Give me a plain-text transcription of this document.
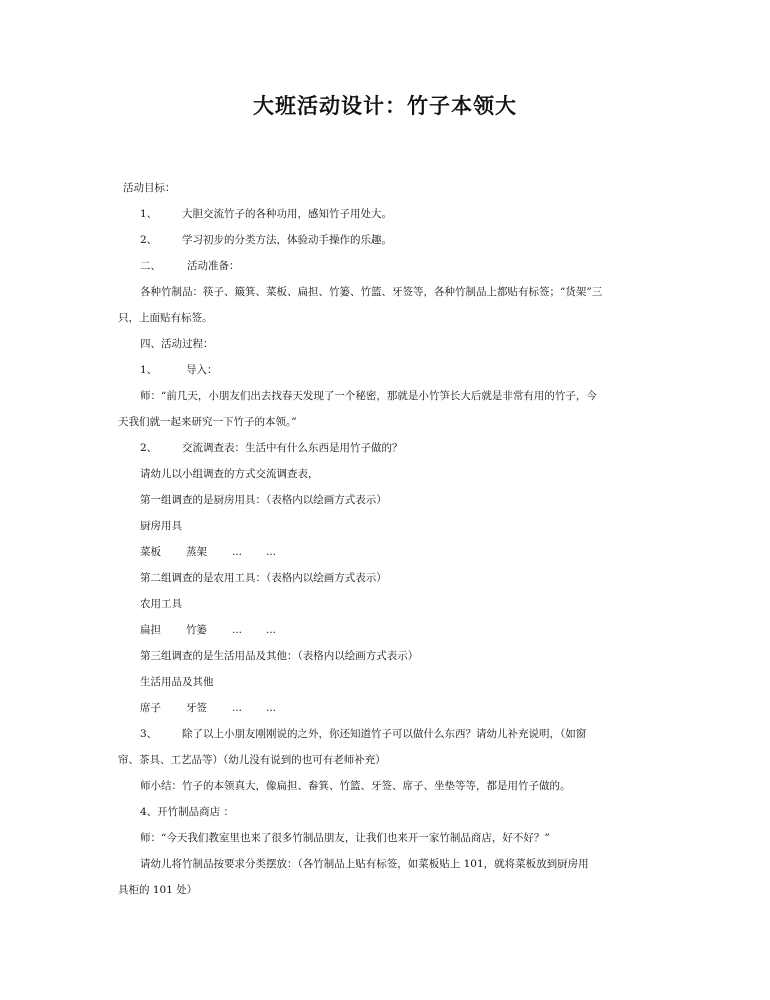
大班活动设计：竹子本领大
活动目标：
1、 大胆交流竹子的各种功用，感知竹子用处大。
2、 学习初步的分类方法，体验动手操作的乐趣。
二、 活动准备：
各种竹制品：筷子、簸箕、菜板、扁担、竹篓、竹篮、牙签等，各种竹制品上都贴有标签；“货架”三
只，上面贴有标签。
四、活动过程：
1、	导入：
师：“前几天，小朋友们出去找春天发现了一个秘密，那就是小竹笋长大后就是非常有用的竹子，今
天我们就一起来研究一下竹子的本领。”
2、 交流调查表：生活中有什么东西是用竹子做的？
请幼儿以小组调查的方式交流调查表，
第一组调查的是厨房用具：（表格内以绘画方式表示）
厨房用具
菜板 蒸架 ... ...
第二组调查的是农用工具：（表格内以绘画方式表示）
农用工具
扁担 竹篓 ... ...
第三组调查的是生活用品及其他：（表格内以绘画方式表示）
生活用品及其他
席子 牙签 ... ...
3、 除了以上小朋友刚刚说的之外，你还知道竹子可以做什么东西？请幼儿补充说明，（如窗
帘、茶具、工艺品等）（幼儿没有说到的也可有老师补充）
师小结：竹子的本领真大，像扁担、畚箕、竹篮、牙签、席子、坐垫等等，都是用竹子做的。
4、开竹制品商店 ：
师：“今天我们教室里也来了很多竹制品朋友，让我们也来开一家竹制品商店，好不好？”
请幼儿将竹制品按要求分类摆放：（各竹制品上贴有标签，如菜板贴上 101，就将菜板放到厨房用
具柜的 101 处）
